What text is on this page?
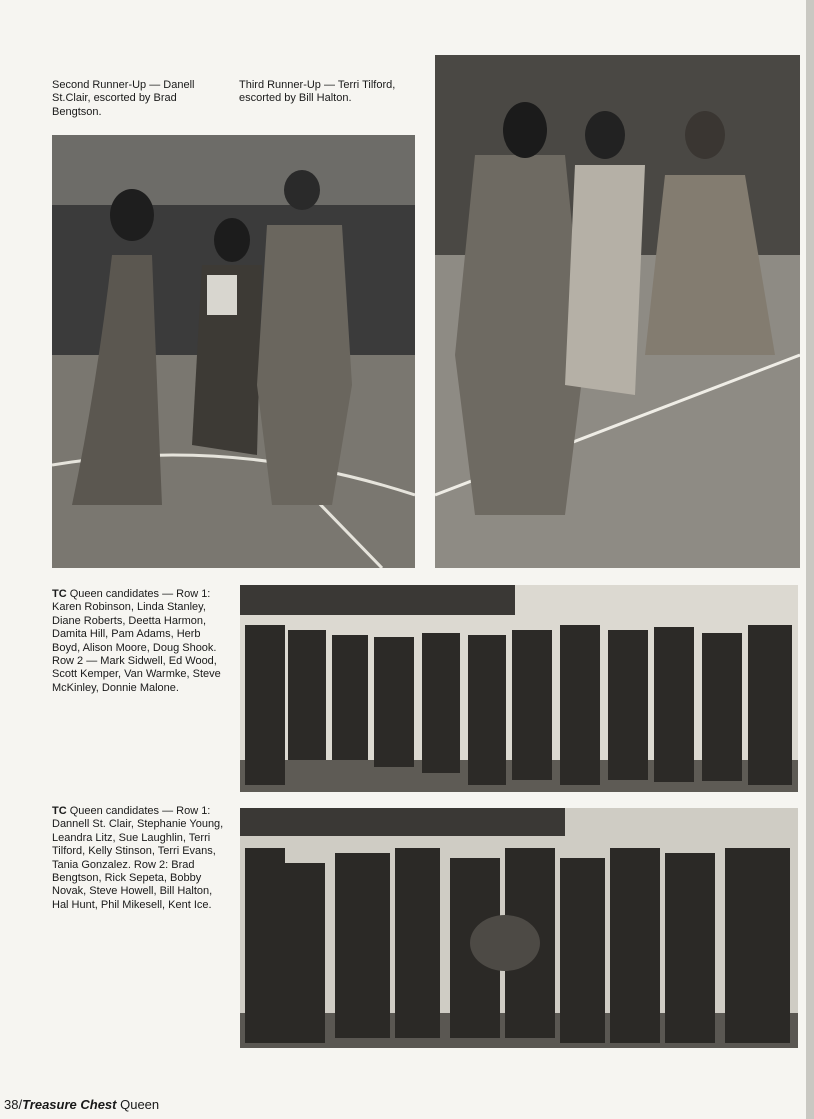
Second Runner-Up — Danell St.Clair, escorted by Brad Bengtson.
Third Runner-Up — Terri Tilford, escorted by Bill Halton.
TC Queen candidates — Row 1: Karen Robinson, Linda Stanley, Diane Roberts, Deetta Harmon, Damita Hill, Pam Adams, Herb Boyd, Alison Moore, Doug Shook. Row 2 — Mark Sidwell, Ed Wood, Scott Kemper, Van Warmke, Steve McKinley, Donnie Malone.
TC Queen candidates — Row 1: Dannell St. Clair, Stephanie Young, Leandra Litz, Sue Laughlin, Terri Tilford, Kelly Stinson, Terri Evans, Tania Gonzalez. Row 2: Brad Bengtson, Rick Sepeta, Bobby Novak, Steve Howell, Bill Halton, Hal Hunt, Phil Mikesell, Kent Ice.
38/Treasure Chest Queen
